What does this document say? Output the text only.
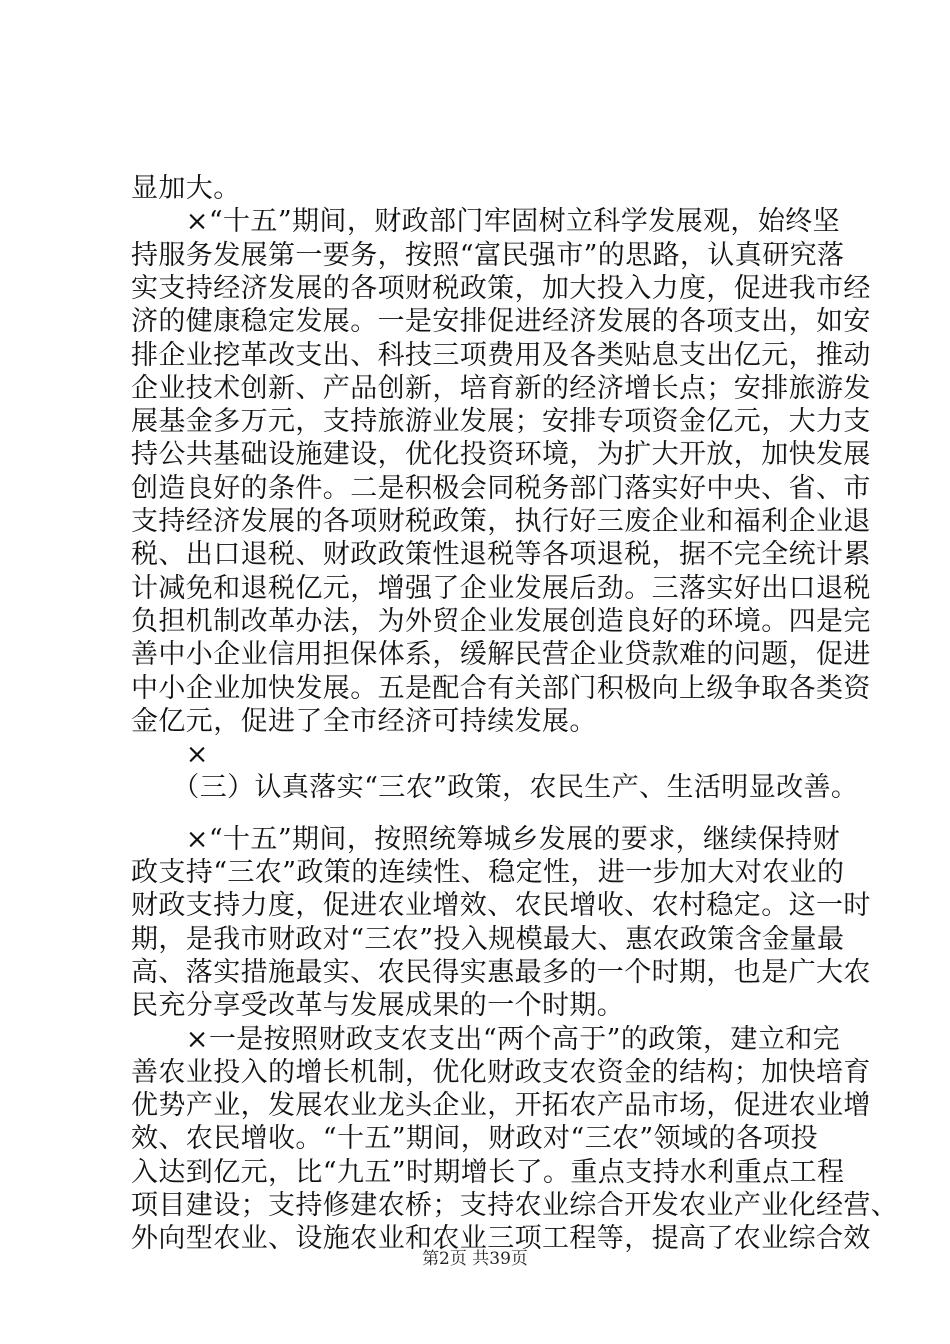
显加大。
　　×“十五”期间，财政部门牢固树立科学发展观，始终坚
持服务发展第一要务，按照“富民强市”的思路，认真研究落
实支持经济发展的各项财税政策，加大投入力度，促进我市经
济的健康稳定发展。一是安排促进经济发展的各项支出，如安
排企业挖革改支出、科技三项费用及各类贴息支出亿元，推动
企业技术创新、产品创新，培育新的经济增长点；安排旅游发
展基金多万元，支持旅游业发展；安排专项资金亿元，大力支
持公共基础设施建设，优化投资环境，为扩大开放，加快发展
创造良好的条件。二是积极会同税务部门落实好中央、省、市
支持经济发展的各项财税政策，执行好三废企业和福利企业退
税、出口退税、财政政策性退税等各项退税，据不完全统计累
计减免和退税亿元，增强了企业发展后劲。三落实好出口退税
负担机制改革办法，为外贸企业发展创造良好的环境。四是完
善中小企业信用担保体系，缓解民营企业贷款难的问题，促进
中小企业加快发展。五是配合有关部门积极向上级争取各类资
金亿元，促进了全市经济可持续发展。
　　×
　　（三）认真落实“三农”政策，农民生产、生活明显改善。
　　×“十五”期间，按照统筹城乡发展的要求，继续保持财
政支持“三农”政策的连续性、稳定性，进一步加大对农业的
财政支持力度，促进农业增效、农民增收、农村稳定。这一时
期，是我市财政对“三农”投入规模最大、惠农政策含金量最
高、落实措施最实、农民得实惠最多的一个时期，也是广大农
民充分享受改革与发展成果的一个时期。
　　×一是按照财政支农支出“两个高于”的政策，建立和完
善农业投入的增长机制，优化财政支农资金的结构；加快培育
优势产业，发展农业龙头企业，开拓农产品市场，促进农业增
效、农民增收。“十五”期间，财政对“三农”领域的各项投
入达到亿元，比“九五”时期增长了。重点支持水利重点工程
项目建设；支持修建农桥；支持农业综合开发农业产业化经营、
外向型农业、设施农业和农业三项工程等，提高了农业综合效
第2页 共39页
